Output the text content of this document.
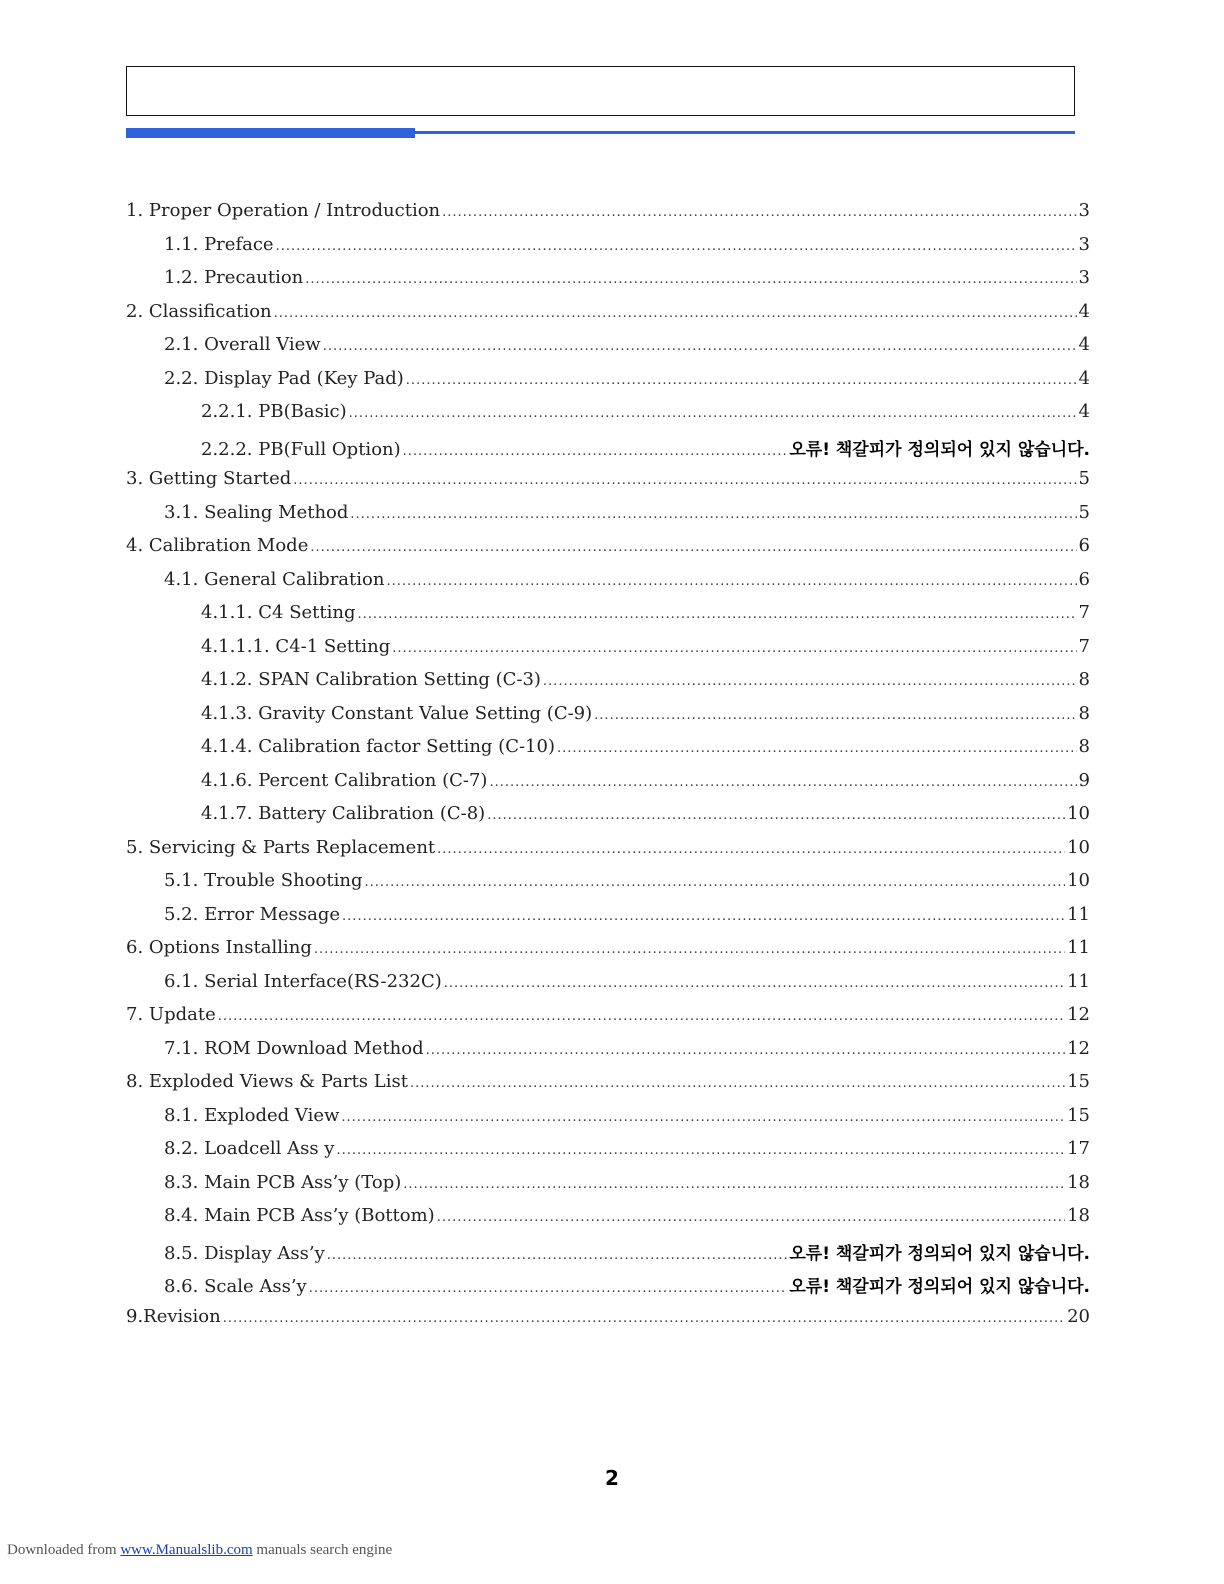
1. Proper Operation / Introduction .....	3
1.1. Preface .....	3
1.2. Precaution .....	3
2. Classification .....	4
2.1. Overall View .....	4
2.2. Display Pad (Key Pad) .....	4
2.2.1. PB(Basic) .....	4
2.2.2. PB(Full Option) .....	오류! 책갈피가 정의되어 있지 않습니다.
3. Getting Started .....	5
3.1. Sealing Method .....	5
4. Calibration Mode .....	6
4.1. General Calibration .....	6
4.1.1. C4 Setting .....	7
4.1.1.1. C4-1 Setting .....	7
4.1.2. SPAN Calibration Setting (C-3) .....	8
4.1.3. Gravity Constant Value Setting (C-9) .....	8
4.1.4. Calibration factor Setting (C-10) .....	8
4.1.6. Percent Calibration (C-7) .....	9
4.1.7. Battery Calibration (C-8) .....	10
5. Servicing & Parts Replacement .....	10
5.1. Trouble Shooting .....	10
5.2. Error Message .....	11
6. Options Installing .....	11
6.1. Serial Interface(RS-232C) .....	11
7. Update .....	12
7.1. ROM Download Method .....	12
8. Exploded Views & Parts List .....	15
8.1. Exploded View .....	15
8.2. Loadcell Ass y .....	17
8.3. Main PCB Ass’y (Top) .....	18
8.4. Main PCB Ass’y (Bottom) .....	18
8.5. Display Ass’y .....	오류! 책갈피가 정의되어 있지 않습니다.
8.6. Scale Ass’y .....	오류! 책갈피가 정의되어 있지 않습니다.
9.Revision .....	20
2
Downloaded from www.Manualslib.com manuals search engine
